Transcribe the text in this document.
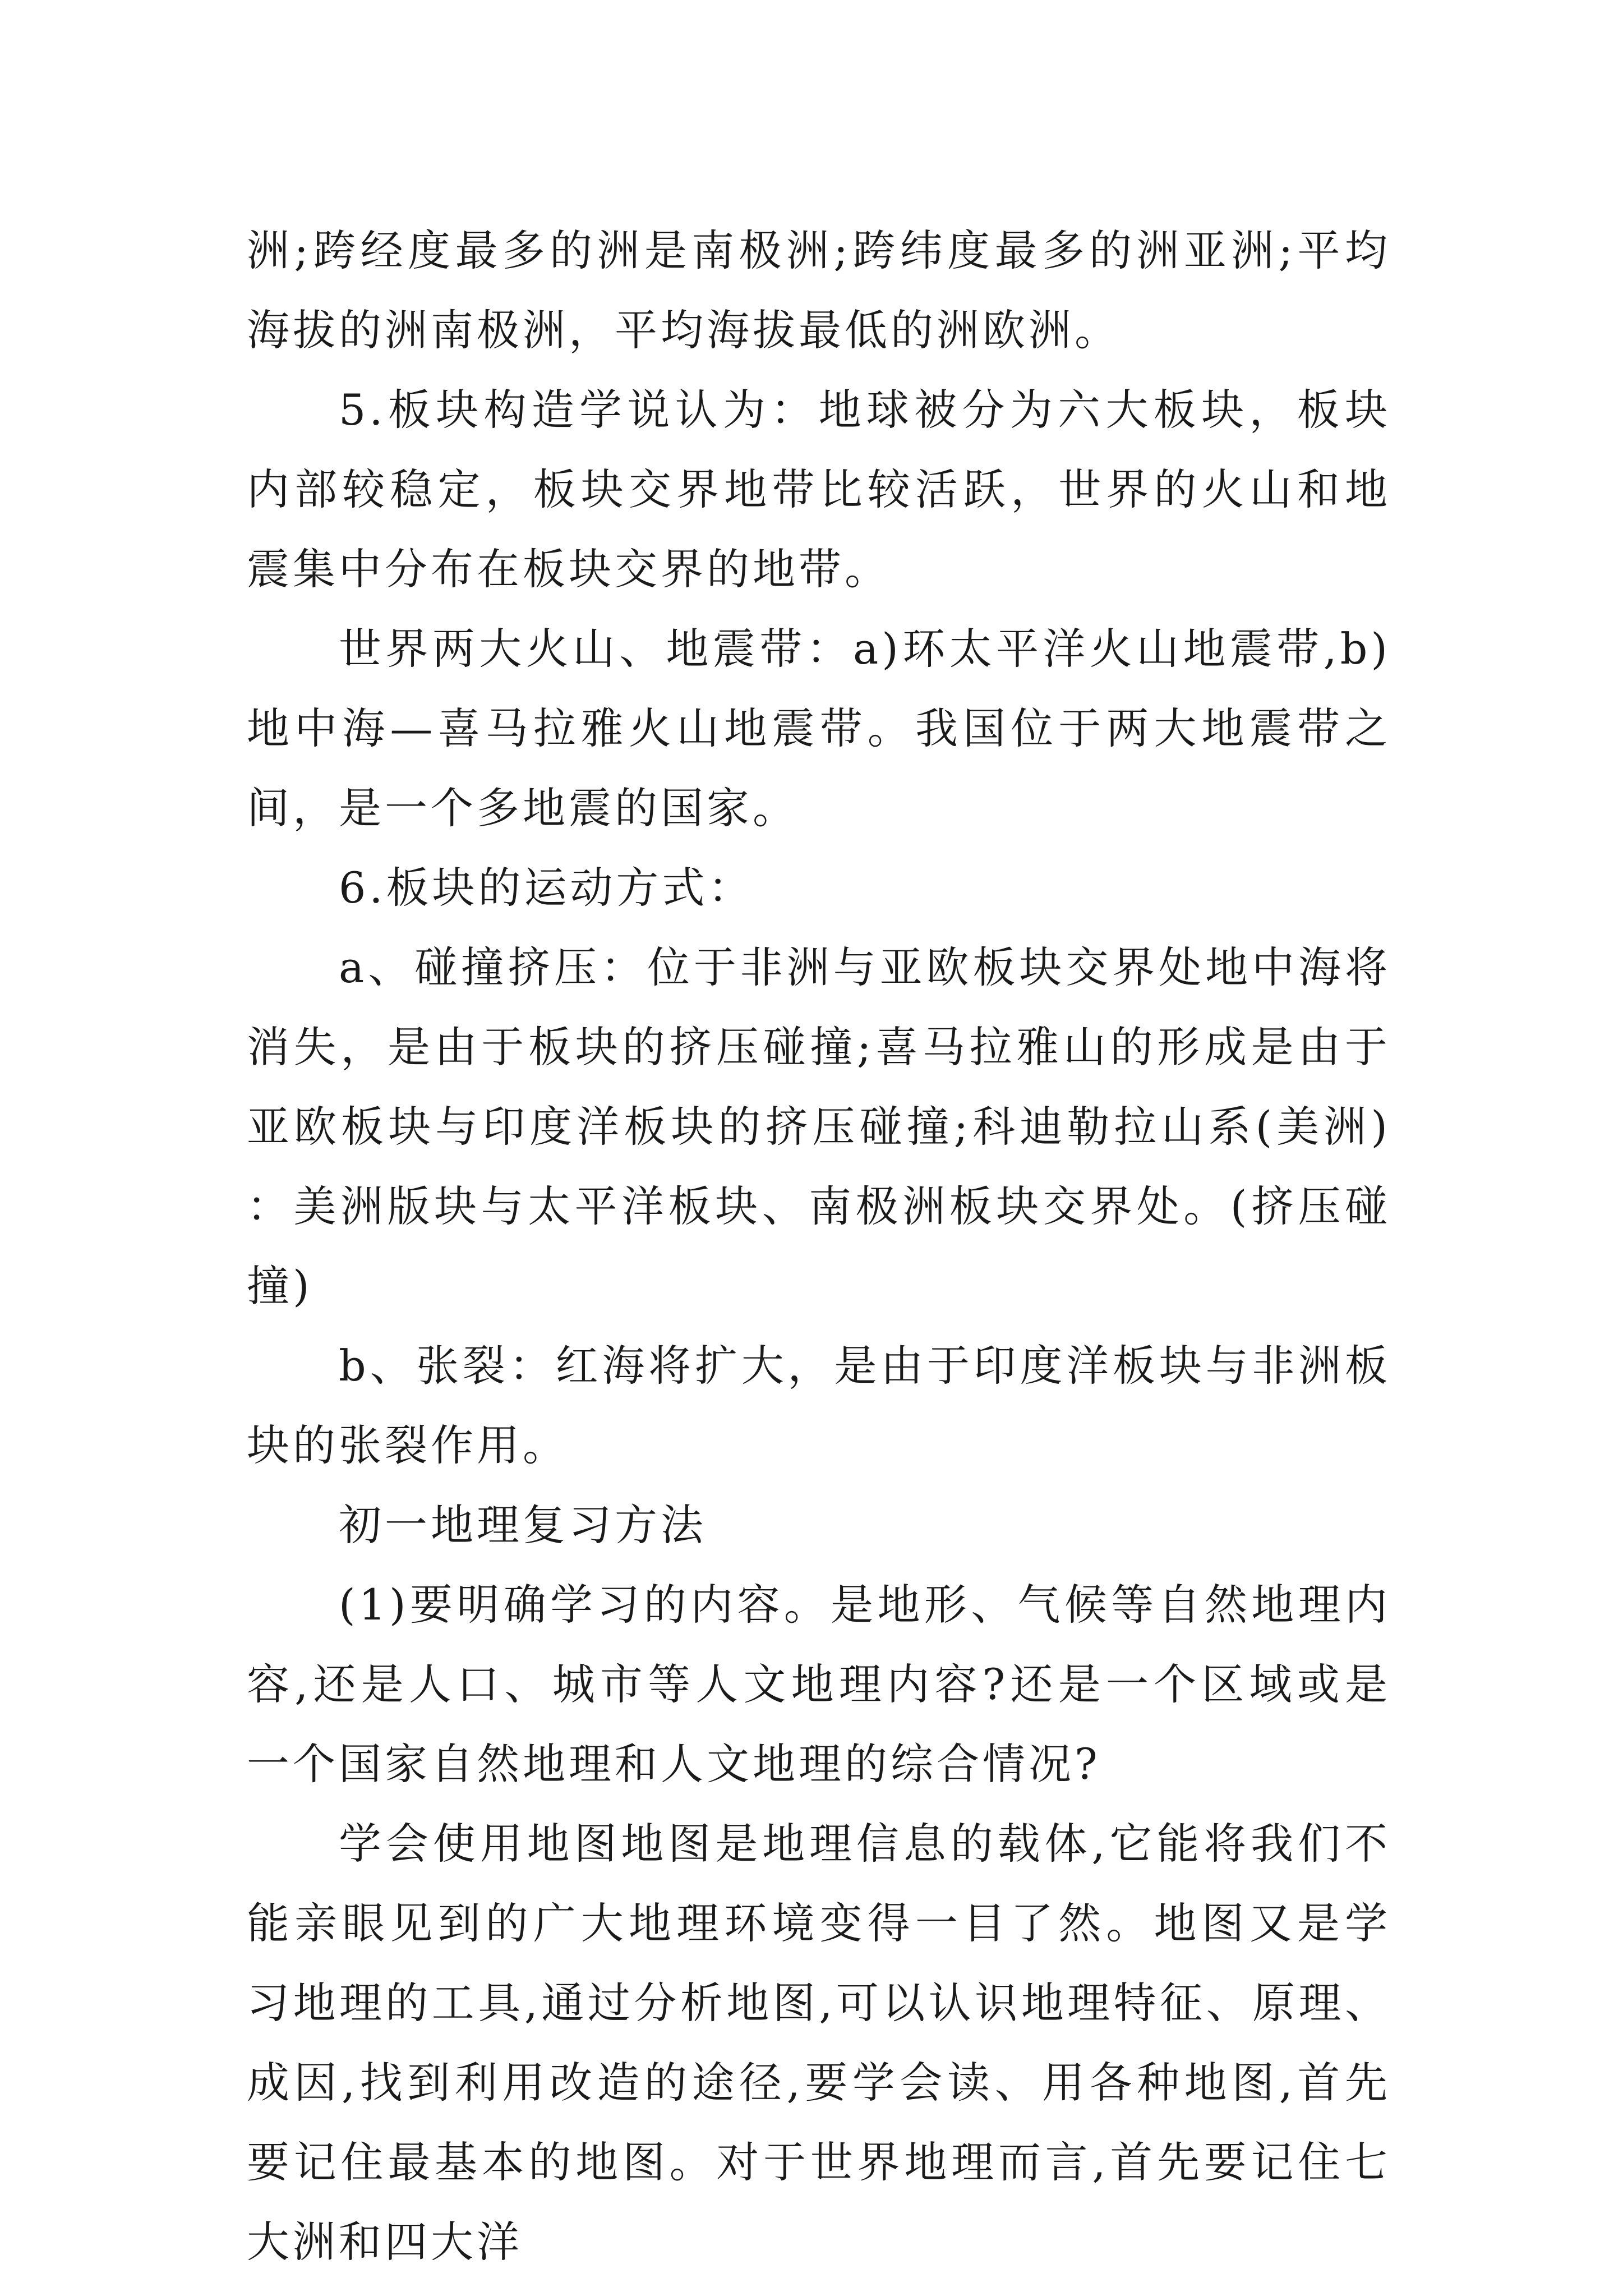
洲;跨经度最多的洲是南极洲;跨纬度最多的洲亚洲;平均海拔的洲南极洲，平均海拔最低的洲欧洲。

5.板块构造学说认为：地球被分为六大板块，板块内部较稳定，板块交界地带比较活跃，世界的火山和地震集中分布在板块交界的地带。

世界两大火山、地震带：a)环太平洋火山地震带,b)地中海—喜马拉雅火山地震带。我国位于两大地震带之间，是一个多地震的国家。

6.板块的运动方式：

a、碰撞挤压：位于非洲与亚欧板块交界处地中海将消失，是由于板块的挤压碰撞;喜马拉雅山的形成是由于亚欧板块与印度洋板块的挤压碰撞;科迪勒拉山系(美洲)：美洲版块与太平洋板块、南极洲板块交界处。(挤压碰撞)

b、张裂：红海将扩大，是由于印度洋板块与非洲板块的张裂作用。

初一地理复习方法

(1)要明确学习的内容。是地形、气候等自然地理内容,还是人口、城市等人文地理内容?还是一个区域或是一个国家自然地理和人文地理的综合情况?

学会使用地图地图是地理信息的载体,它能将我们不能亲眼见到的广大地理环境变得一目了然。地图又是学习地理的工具,通过分析地图,可以认识地理特征、原理、成因,找到利用改造的途径,要学会读、用各种地图,首先要记住最基本的地图。对于世界地理而言,首先要记住七大洲和四大洋
